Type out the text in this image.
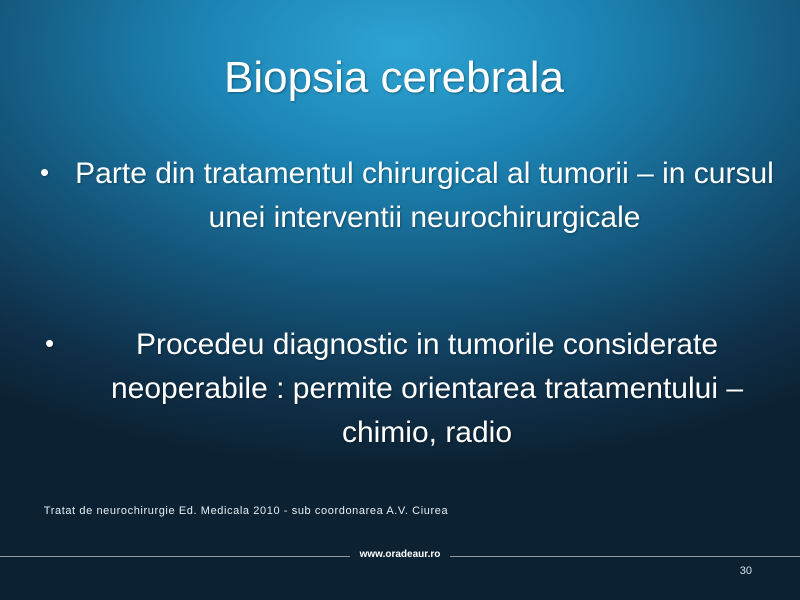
Biopsia cerebrala
• Parte din tratamentul chirurgical al tumorii – in cursul unei interventii neurochirurgicale
•	Procedeu diagnostic in tumorile considerate neoperabile : permite orientarea tratamentului – chimio, radio
Tratat de neurochirurgie Ed. Medicala 2010 - sub coordonarea A.V. Ciurea
www.oradeaur.ro
30
